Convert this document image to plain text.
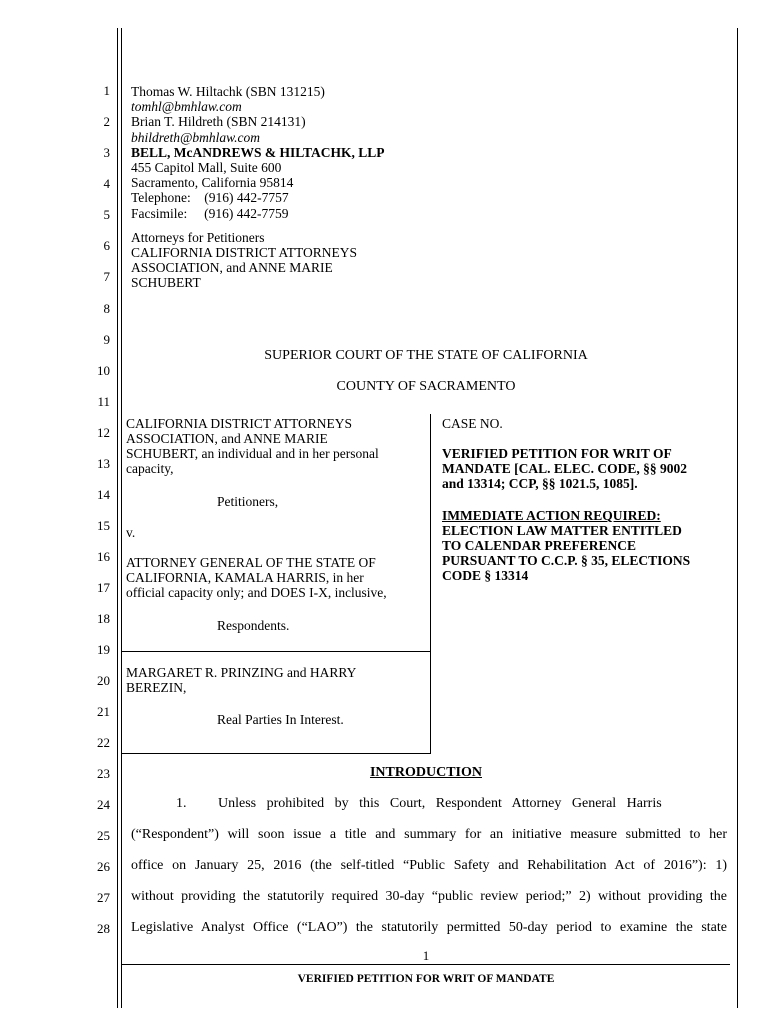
1
2
3
4
5
6
7
8
9
10
11
12
13
14
15
16
17
18
19
20
21
22
23
24
25
26
27
28
Thomas W. Hiltachk (SBN 131215)
tomhl@bmhlaw.com
Brian T. Hildreth (SBN 214131)
bhildreth@bmhlaw.com
BELL, McANDREWS & HILTACHK, LLP
455 Capitol Mall, Suite 600
Sacramento, California 95814
Telephone:    (916) 442-7757
Facsimile:     (916) 442-7759
Attorneys for Petitioners
CALIFORNIA DISTRICT ATTORNEYS
ASSOCIATION, and ANNE MARIE
SCHUBERT
SUPERIOR COURT OF THE STATE OF CALIFORNIA
COUNTY OF SACRAMENTO
CALIFORNIA DISTRICT ATTORNEYS
ASSOCIATION, and ANNE MARIE
SCHUBERT, an individual and in her personal
capacity,
Petitioners,
v.
ATTORNEY GENERAL OF THE STATE OF
CALIFORNIA, KAMALA HARRIS, in her
official capacity only; and DOES I-X, inclusive,
Respondents.
MARGARET R. PRINZING and HARRY
BEREZIN,
Real Parties In Interest.
CASE NO.
VERIFIED PETITION FOR WRIT OF
MANDATE [CAL. ELEC. CODE, §§ 9002
and 13314; CCP, §§ 1021.5, 1085].
IMMEDIATE ACTION REQUIRED:
ELECTION LAW MATTER ENTITLED
TO CALENDAR PREFERENCE
PURSUANT TO C.C.P. § 35, ELECTIONS
CODE § 13314
INTRODUCTION
1.         Unless   prohibited   by   this   Court,   Respondent   Attorney   General   Harris
(“Respondent”) will soon issue a title and summary for an initiative measure submitted to her
office on January 25, 2016 (the self-titled “Public Safety and Rehabilitation Act of 2016”): 1)
without providing the statutorily required 30-day “public review period;” 2) without providing the
Legislative Analyst Office (“LAO”) the statutorily permitted 50-day period to examine the state
1
VERIFIED PETITION FOR WRIT OF MANDATE
